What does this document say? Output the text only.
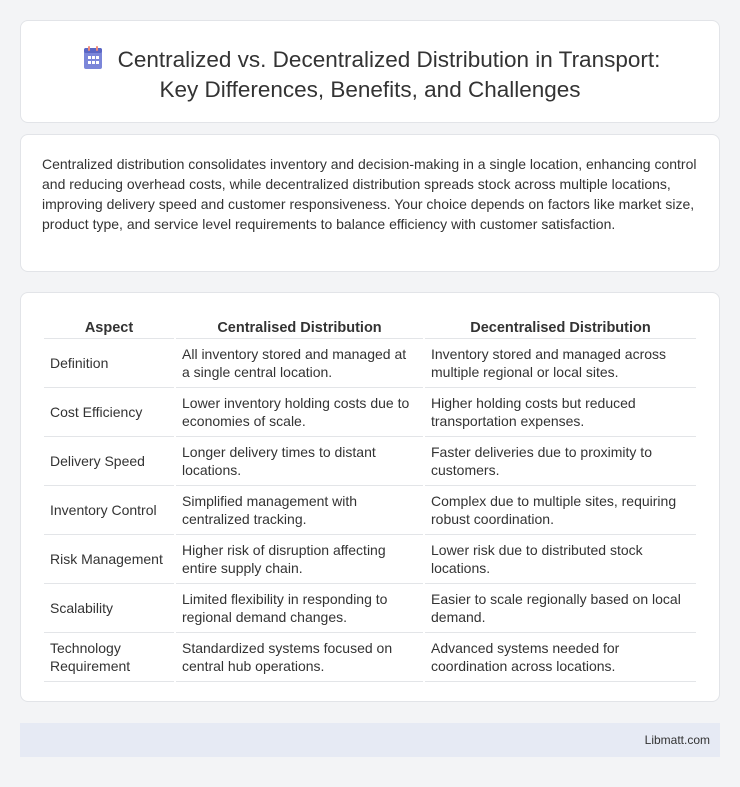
Centralized vs. Decentralized Distribution in Transport:
Key Differences, Benefits, and Challenges

Centralized distribution consolidates inventory and decision-making in a single location, enhancing control and reducing overhead costs, while decentralized distribution spreads stock across multiple locations, improving delivery speed and customer responsiveness. Your choice depends on factors like market size, product type, and service level requirements to balance efficiency with customer satisfaction.

Aspect	Centralised Distribution	Decentralised Distribution
Definition	All inventory stored and managed at a single central location.	Inventory stored and managed across multiple regional or local sites.
Cost Efficiency	Lower inventory holding costs due to economies of scale.	Higher holding costs but reduced transportation expenses.
Delivery Speed	Longer delivery times to distant locations.	Faster deliveries due to proximity to customers.
Inventory Control	Simplified management with centralized tracking.	Complex due to multiple sites, requiring robust coordination.
Risk Management	Higher risk of disruption affecting entire supply chain.	Lower risk due to distributed stock locations.
Scalability	Limited flexibility in responding to regional demand changes.	Easier to scale regionally based on local demand.
Technology Requirement	Standardized systems focused on central hub operations.	Advanced systems needed for coordination across locations.
Libmatt.com
